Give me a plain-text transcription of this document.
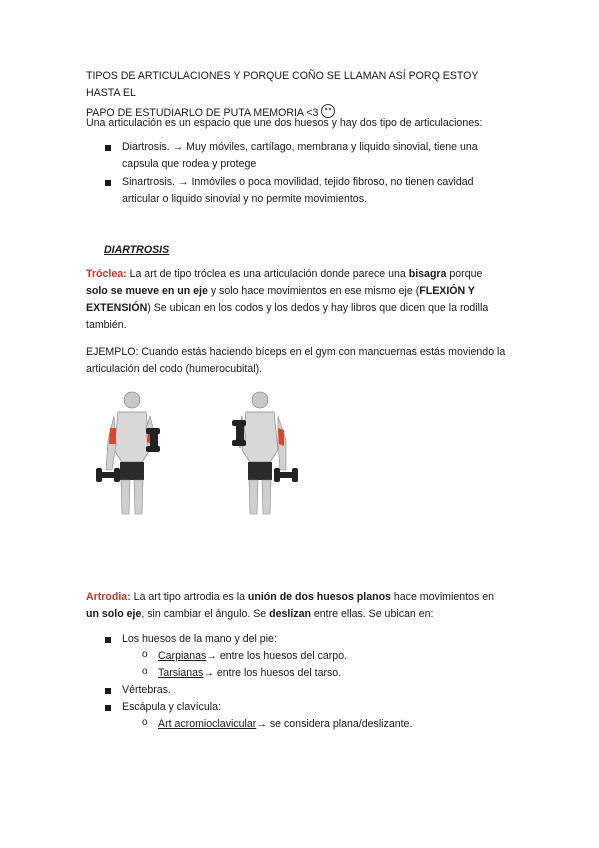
TIPOS DE ARTICULACIONES Y PORQUE COÑO SE LLAMAN ASÍ PORQ ESTOY HASTA EL
PAPO DE ESTUDIARLO DE PUTA MEMORIA <3
Una articulación es un espacio que une dos huesos y hay dos tipo de articulaciones:
Diartrosis. → Muy móviles, cartílago, membrana y liquido sinovial, tiene una
capsula que rodea y protege
Sinartrosis. → Inmóviles o poca movilidad, tejido fibroso, no tienen cavidad
articular o liquido sinovial y no permite movimientos.
DIARTROSIS
Tróclea: La art de tipo tróclea es una articulación donde parece una bisagra porque
solo se mueve en un eje y solo hace movimientos en ese mismo eje (FLEXIÓN Y
EXTENSIÓN) Se ubican en los codos y los dedos y hay libros que dicen que la rodilla
también.
EJEMPLO: Cuando estás haciendo bíceps en el gym con mancuernas estás moviendo la
articulación del codo (humerocubital).
Artrodia: La art tipo artrodia es la unión de dos huesos planos hace movimientos en
un solo eje, sin cambiar el ángulo. Se deslizan entre ellas. Se ubican en:
Los huesos de la mano y del pie:
o Carpianas→ entre los huesos del carpo.
o Tarsianas→ entre los huesos del tarso.
Vértebras.
Escápula y clavícula:
o Art acromioclavicular→ se considera plana/deslizante.
